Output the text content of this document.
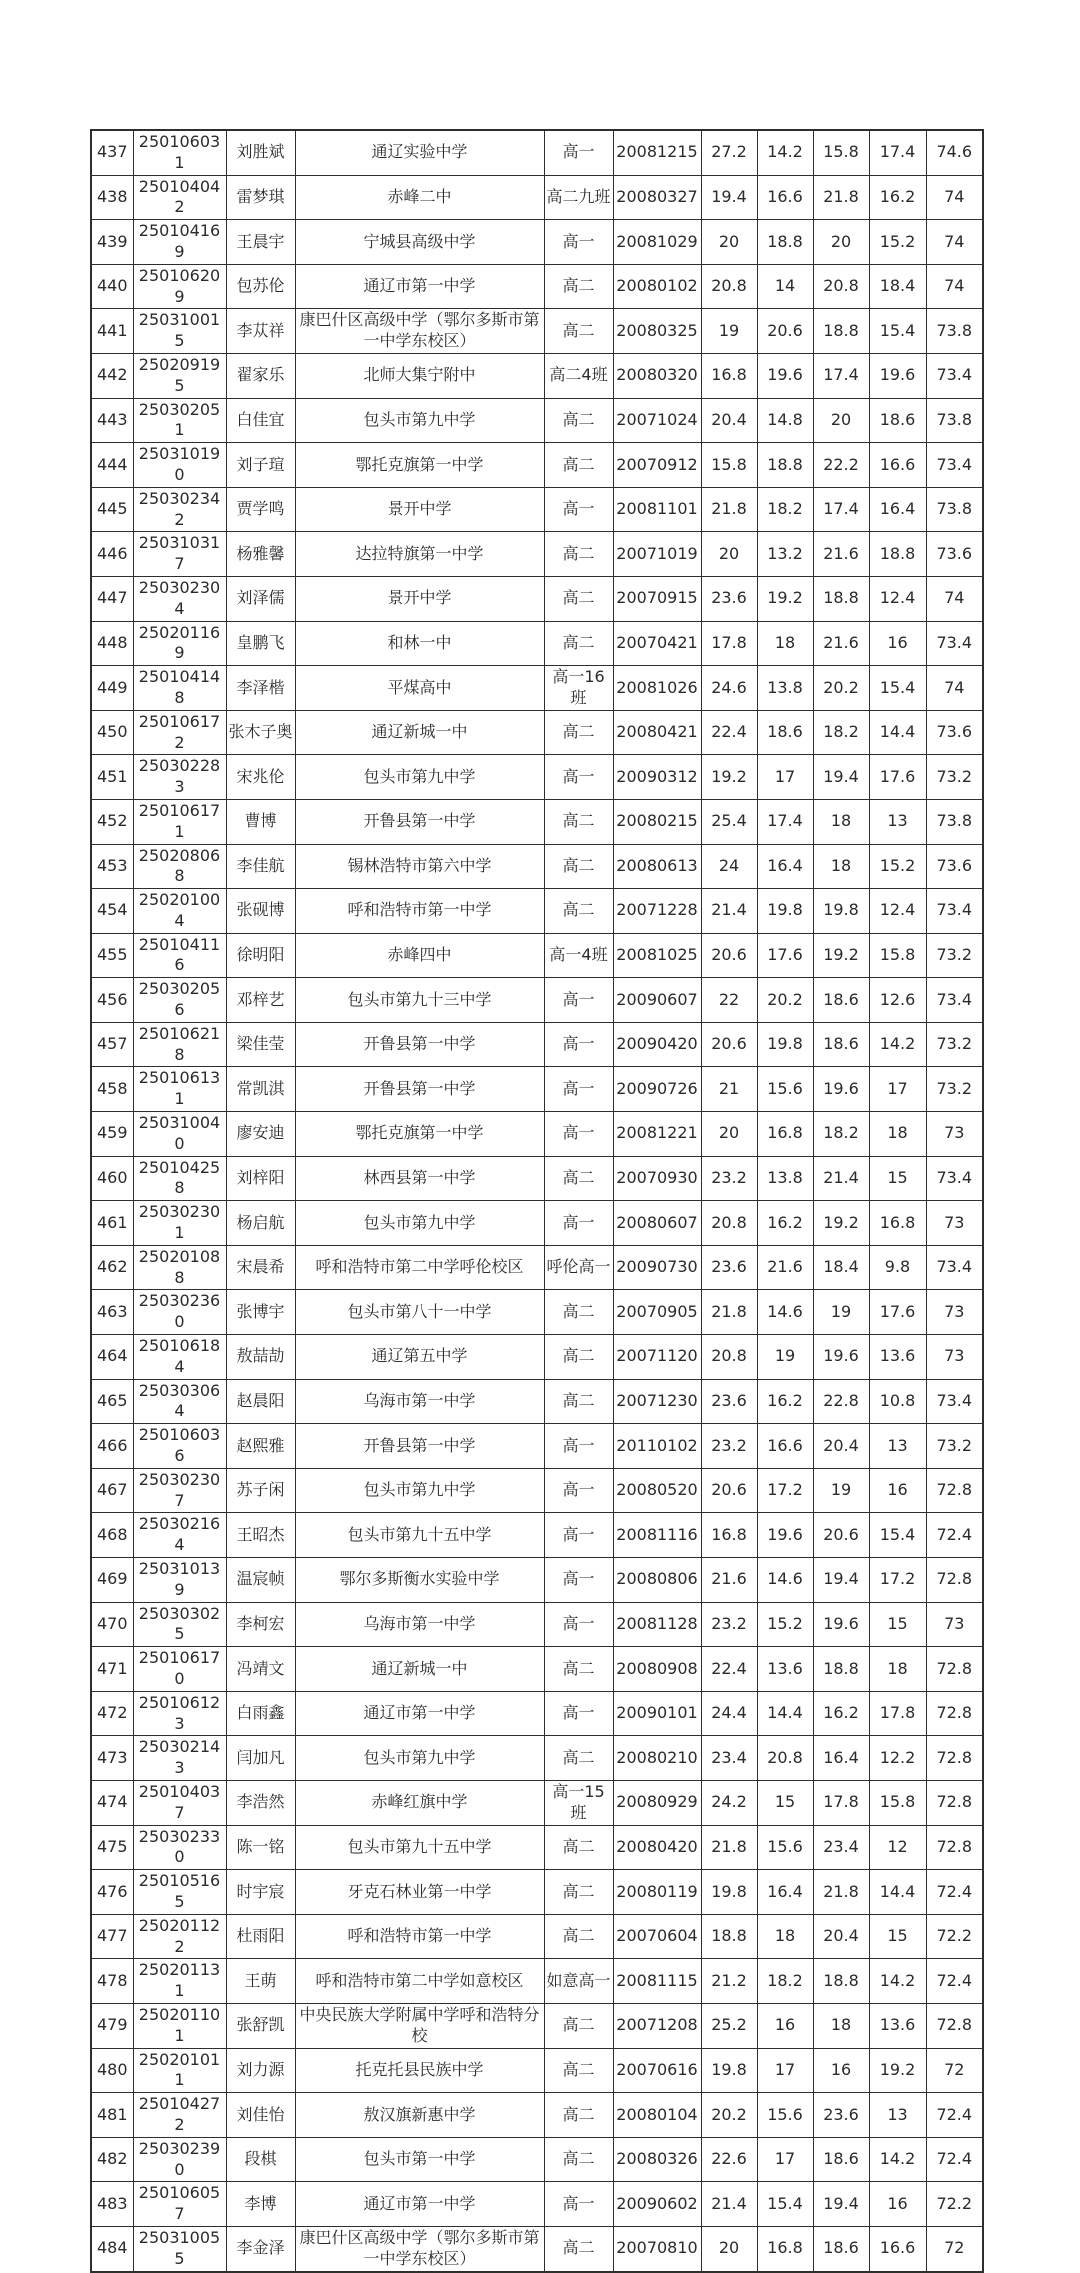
437	250106031	刘胜斌	通辽实验中学	高一	20081215	27.2	14.2	15.8	17.4	74.6
438	250104042	雷梦琪	赤峰二中	高二九班	20080327	19.4	16.6	21.8	16.2	74
439	250104169	王晨宇	宁城县高级中学	高一	20081029	20	18.8	20	15.2	74
440	250106209	包苏伦	通辽市第一中学	高二	20080102	20.8	14	20.8	18.4	74
441	250310015	李苁祥	康巴什区高级中学（鄂尔多斯市第一中学东校区）	高二	20080325	19	20.6	18.8	15.4	73.8
442	250209195	翟家乐	北师大集宁附中	高二4班	20080320	16.8	19.6	17.4	19.6	73.4
443	250302051	白佳宜	包头市第九中学	高二	20071024	20.4	14.8	20	18.6	73.8
444	250310190	刘子瑄	鄂托克旗第一中学	高二	20070912	15.8	18.8	22.2	16.6	73.4
445	250302342	贾学鸣	景开中学	高一	20081101	21.8	18.2	17.4	16.4	73.8
446	250310317	杨雅馨	达拉特旗第一中学	高二	20071019	20	13.2	21.6	18.8	73.6
447	250302304	刘泽儒	景开中学	高二	20070915	23.6	19.2	18.8	12.4	74
448	250201169	皇鹏飞	和林一中	高二	20070421	17.8	18	21.6	16	73.4
449	250104148	李泽楷	平煤高中	高一16班	20081026	24.6	13.8	20.2	15.4	74
450	250106172	张木子奥	通辽新城一中	高二	20080421	22.4	18.6	18.2	14.4	73.6
451	250302283	宋兆伦	包头市第九中学	高一	20090312	19.2	17	19.4	17.6	73.2
452	250106171	曹博	开鲁县第一中学	高二	20080215	25.4	17.4	18	13	73.8
453	250208068	李佳航	锡林浩特市第六中学	高二	20080613	24	16.4	18	15.2	73.6
454	250201004	张砚博	呼和浩特市第一中学	高二	20071228	21.4	19.8	19.8	12.4	73.4
455	250104116	徐明阳	赤峰四中	高一4班	20081025	20.6	17.6	19.2	15.8	73.2
456	250302056	邓梓艺	包头市第九十三中学	高一	20090607	22	20.2	18.6	12.6	73.4
457	250106218	梁佳莹	开鲁县第一中学	高一	20090420	20.6	19.8	18.6	14.2	73.2
458	250106131	常凯淇	开鲁县第一中学	高一	20090726	21	15.6	19.6	17	73.2
459	250310040	廖安迪	鄂托克旗第一中学	高一	20081221	20	16.8	18.2	18	73
460	250104258	刘梓阳	林西县第一中学	高二	20070930	23.2	13.8	21.4	15	73.4
461	250302301	杨启航	包头市第九中学	高一	20080607	20.8	16.2	19.2	16.8	73
462	250201088	宋晨希	呼和浩特市第二中学呼伦校区	呼伦高一	20090730	23.6	21.6	18.4	9.8	73.4
463	250302360	张博宇	包头市第八十一中学	高二	20070905	21.8	14.6	19	17.6	73
464	250106184	敖喆劼	通辽第五中学	高二	20071120	20.8	19	19.6	13.6	73
465	250303064	赵晨阳	乌海市第一中学	高二	20071230	23.6	16.2	22.8	10.8	73.4
466	250106036	赵熙雅	开鲁县第一中学	高一	20110102	23.2	16.6	20.4	13	73.2
467	250302307	苏子闲	包头市第九中学	高一	20080520	20.6	17.2	19	16	72.8
468	250302164	王昭杰	包头市第九十五中学	高一	20081116	16.8	19.6	20.6	15.4	72.4
469	250310139	温宸帧	鄂尔多斯衡水实验中学	高一	20080806	21.6	14.6	19.4	17.2	72.8
470	250303025	李柯宏	乌海市第一中学	高一	20081128	23.2	15.2	19.6	15	73
471	250106170	冯靖文	通辽新城一中	高二	20080908	22.4	13.6	18.8	18	72.8
472	250106123	白雨鑫	通辽市第一中学	高一	20090101	24.4	14.4	16.2	17.8	72.8
473	250302143	闫加凡	包头市第九中学	高二	20080210	23.4	20.8	16.4	12.2	72.8
474	250104037	李浩然	赤峰红旗中学	高一15班	20080929	24.2	15	17.8	15.8	72.8
475	250302330	陈一铭	包头市第九十五中学	高二	20080420	21.8	15.6	23.4	12	72.8
476	250105165	时宇宸	牙克石林业第一中学	高二	20080119	19.8	16.4	21.8	14.4	72.4
477	250201122	杜雨阳	呼和浩特市第一中学	高二	20070604	18.8	18	20.4	15	72.2
478	250201131	王萌	呼和浩特市第二中学如意校区	如意高一	20081115	21.2	18.2	18.8	14.2	72.4
479	250201101	张舒凯	中央民族大学附属中学呼和浩特分校	高二	20071208	25.2	16	18	13.6	72.8
480	250201011	刘力源	托克托县民族中学	高二	20070616	19.8	17	16	19.2	72
481	250104272	刘佳怡	敖汉旗新惠中学	高二	20080104	20.2	15.6	23.6	13	72.4
482	250302390	段棋	包头市第一中学	高二	20080326	22.6	17	18.6	14.2	72.4
483	250106057	李博	通辽市第一中学	高一	20090602	21.4	15.4	19.4	16	72.2
484	250310055	李金泽	康巴什区高级中学（鄂尔多斯市第一中学东校区）	高二	20070810	20	16.8	18.6	16.6	72
